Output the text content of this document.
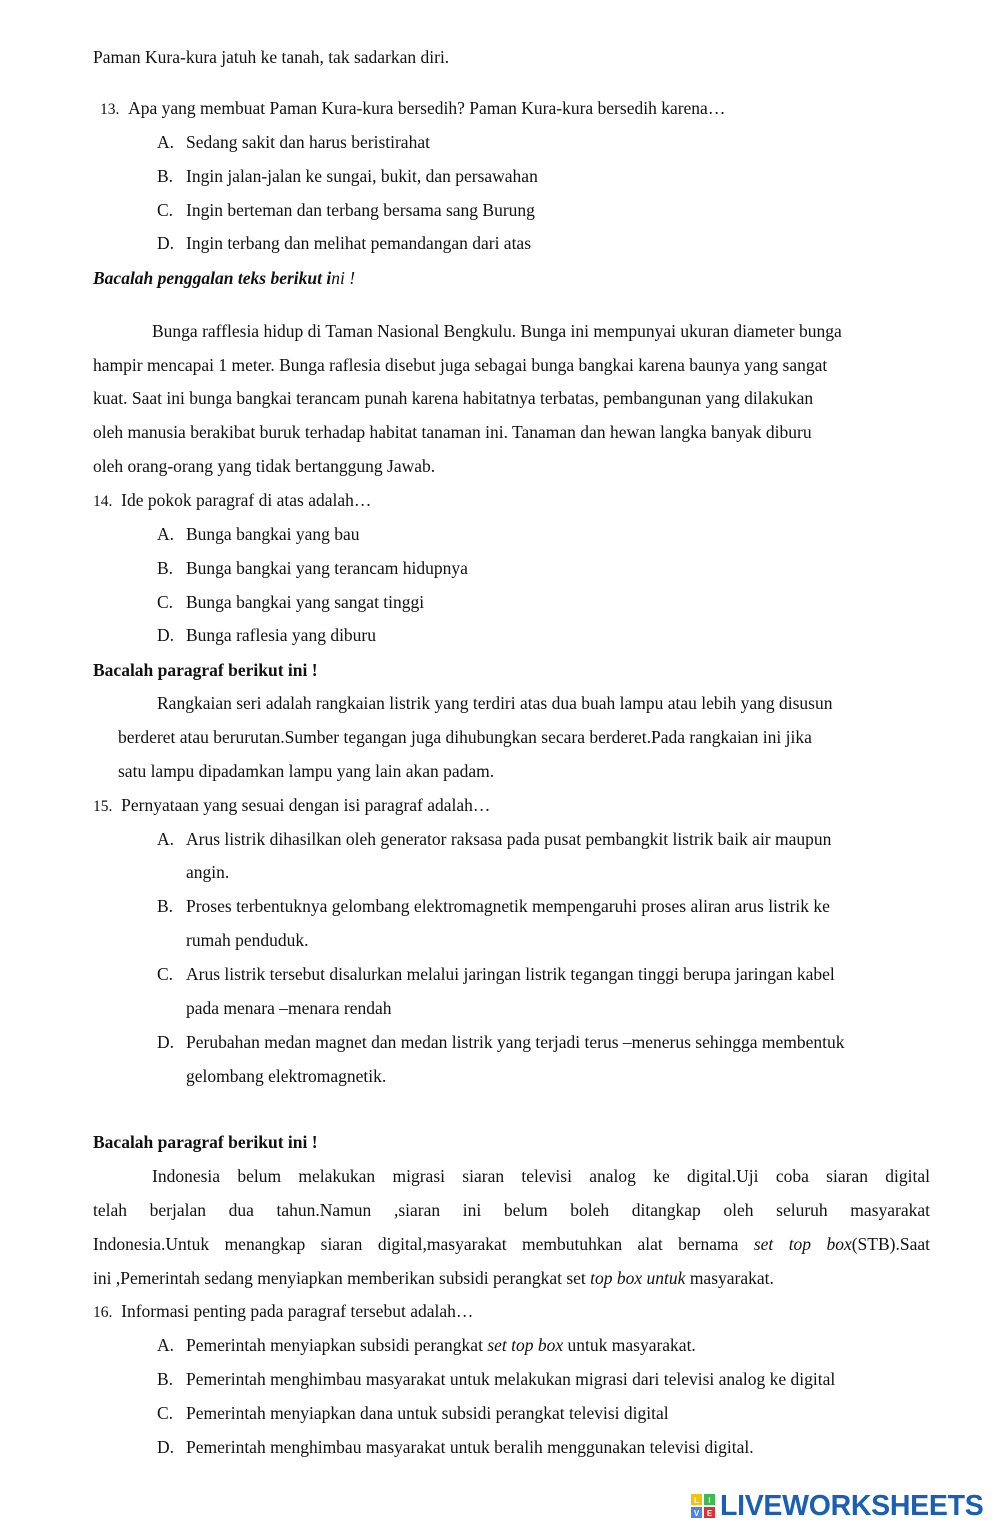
Paman Kura-kura jatuh ke tanah, tak sadarkan diri.
13. Apa yang membuat Paman Kura-kura bersedih? Paman Kura-kura bersedih karena…
A. Sedang sakit dan harus beristirahat
B. Ingin jalan-jalan ke sungai, bukit, dan persawahan
C. Ingin berteman dan terbang bersama sang Burung
D. Ingin terbang dan melihat pemandangan dari atas
Bacalah penggalan teks berikut ini !
Bunga rafflesia hidup di Taman Nasional Bengkulu. Bunga ini mempunyai ukuran diameter bunga
hampir mencapai 1 meter. Bunga raflesia disebut juga sebagai bunga bangkai karena baunya yang sangat
kuat. Saat ini bunga bangkai terancam punah karena habitatnya terbatas, pembangunan yang dilakukan
oleh manusia berakibat buruk terhadap habitat tanaman ini. Tanaman dan hewan langka banyak diburu
oleh orang-orang yang tidak bertanggung Jawab.
14. Ide pokok paragraf di atas adalah…
A. Bunga bangkai yang bau
B. Bunga bangkai yang terancam hidupnya
C. Bunga bangkai yang sangat tinggi
D. Bunga raflesia yang diburu
Bacalah paragraf berikut ini !
Rangkaian seri adalah rangkaian listrik yang terdiri atas dua buah lampu atau lebih yang disusun
berderet atau berurutan.Sumber tegangan juga dihubungkan secara berderet.Pada rangkaian ini jika
satu lampu dipadamkan lampu yang lain akan padam.
15. Pernyataan yang sesuai dengan isi paragraf adalah…
A. Arus listrik dihasilkan oleh generator raksasa pada pusat pembangkit listrik baik air maupun
angin.
B. Proses terbentuknya gelombang elektromagnetik mempengaruhi proses aliran arus listrik ke
rumah penduduk.
C. Arus listrik tersebut disalurkan melalui jaringan listrik tegangan tinggi berupa jaringan kabel
pada menara –menara rendah
D. Perubahan medan magnet dan medan listrik yang terjadi terus –menerus sehingga membentuk
gelombang elektromagnetik.
Bacalah paragraf berikut ini !
Indonesia belum melakukan migrasi siaran televisi analog ke digital.Uji coba siaran digital
telah berjalan dua tahun.Namun ,siaran ini belum boleh ditangkap oleh seluruh masyarakat
Indonesia.Untuk menangkap siaran digital,masyarakat membutuhkan alat bernama set top box(STB).Saat
ini ,Pemerintah sedang menyiapkan memberikan subsidi perangkat set top box untuk masyarakat.
16. Informasi penting pada paragraf tersebut adalah…
A. Pemerintah menyiapkan subsidi perangkat set top box untuk masyarakat.
B. Pemerintah menghimbau masyarakat untuk melakukan migrasi dari televisi analog ke digital
C. Pemerintah menyiapkan dana untuk subsidi perangkat televisi digital
D. Pemerintah menghimbau masyarakat untuk beralih menggunakan televisi digital.
L I
V E LIVEWORKSHEETS
